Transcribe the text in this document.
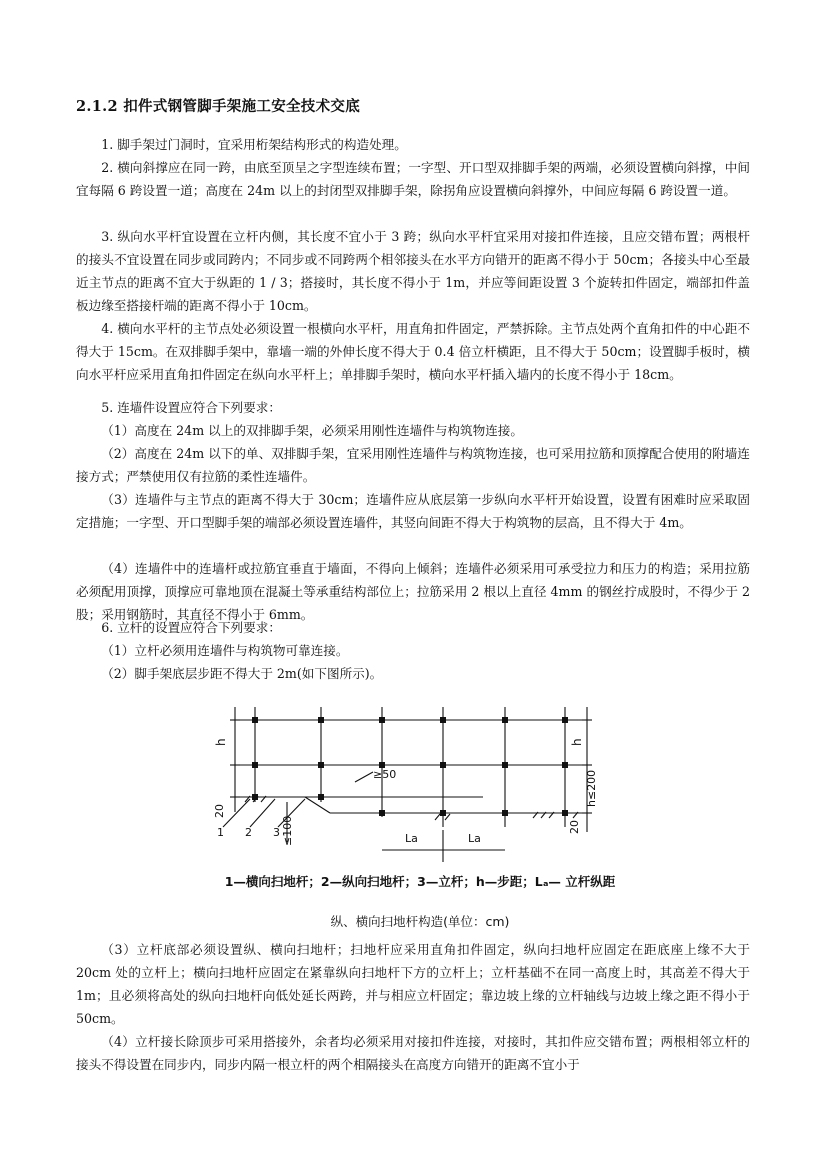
2.1.2 扣件式钢管脚手架施工安全技术交底

1. 脚手架过门洞时，宜采用桁架结构形式的构造处理。

2. 横向斜撑应在同一跨，由底至顶呈之字型连续布置；一字型、开口型双排脚手架的两端，必须设置横向斜撑，中间宜每隔 6 跨设置一道；高度在 24m 以上的封闭型双排脚手架，除拐角应设置横向斜撑外，中间应每隔 6 跨设置一道。

3. 纵向水平杆宜设置在立杆内侧，其长度不宜小于 3 跨；纵向水平杆宜采用对接扣件连接，且应交错布置；两根杆的接头不宜设置在同步或同跨内；不同步或不同跨两个相邻接头在水平方向错开的距离不得小于 50cm；各接头中心至最近主节点的距离不宜大于纵距的 1 / 3；搭接时，其长度不得小于 1m，并应等间距设置 3 个旋转扣件固定，端部扣件盖板边缘至搭接杆端的距离不得小于 10cm。

4. 横向水平杆的主节点处必须设置一根横向水平杆，用直角扣件固定，严禁拆除。主节点处两个直角扣件的中心距不得大于 15cm。在双排脚手架中，靠墙一端的外伸长度不得大于 0.4 倍立杆横距，且不得大于 50cm；设置脚手板时，横向水平杆应采用直角扣件固定在纵向水平杆上；单排脚手架时，横向水平杆插入墙内的长度不得小于 18cm。

5. 连墙件设置应符合下列要求：

（1）高度在 24m 以上的双排脚手架，必须采用刚性连墙件与构筑物连接。

（2）高度在 24m 以下的单、双排脚手架，宜采用刚性连墙件与构筑物连接，也可采用拉筋和顶撑配合使用的附墙连接方式；严禁使用仅有拉筋的柔性连墙件。

（3）连墙件与主节点的距离不得大于 30cm；连墙件应从底层第一步纵向水平杆开始设置，设置有困难时应采取固定措施；一字型、开口型脚手架的端部必须设置连墙件，其竖向间距不得大于构筑物的层高，且不得大于 4m。

（4）连墙件中的连墙杆或拉筋宜垂直于墙面，不得向上倾斜；连墙件必须采用可承受拉力和压力的构造；采用拉筋必须配用顶撑，顶撑应可靠地顶在混凝土等承重结构部位上；拉筋采用 2 根以上直径 4mm 的钢丝拧成股时，不得少于 2 股；采用钢筋时，其直径不得小于 6mm。

6. 立杆的设置应符合下列要求：

（1）立杆必须用连墙件与构筑物可靠连接。

（2）脚手架底层步距不得大于 2m(如下图所示)。

h	h
20
20
h≤200
≤100
≥50
La	La
1 2 3
1—横向扫地杆；2—纵向扫地杆；3—立杆；h—步距；Lₐ— 立杆纵距
纵、横向扫地杆构造(单位：cm)

（3）立杆底部必须设置纵、横向扫地杆；扫地杆应采用直角扣件固定，纵向扫地杆应固定在距底座上缘不大于 20cm 处的立杆上；横向扫地杆应固定在紧靠纵向扫地杆下方的立杆上；立杆基础不在同一高度上时，其高差不得大于 1m；且必须将高处的纵向扫地杆向低处延长两跨，并与相应立杆固定；靠边坡上缘的立杆轴线与边坡上缘之距不得小于 50cm。

（4）立杆接长除顶步可采用搭接外，余者均必须采用对接扣件连接，对接时，其扣件应交错布置；两根相邻立杆的接头不得设置在同步内，同步内隔一根立杆的两个相隔接头在高度方向错开的距离不宜小于
